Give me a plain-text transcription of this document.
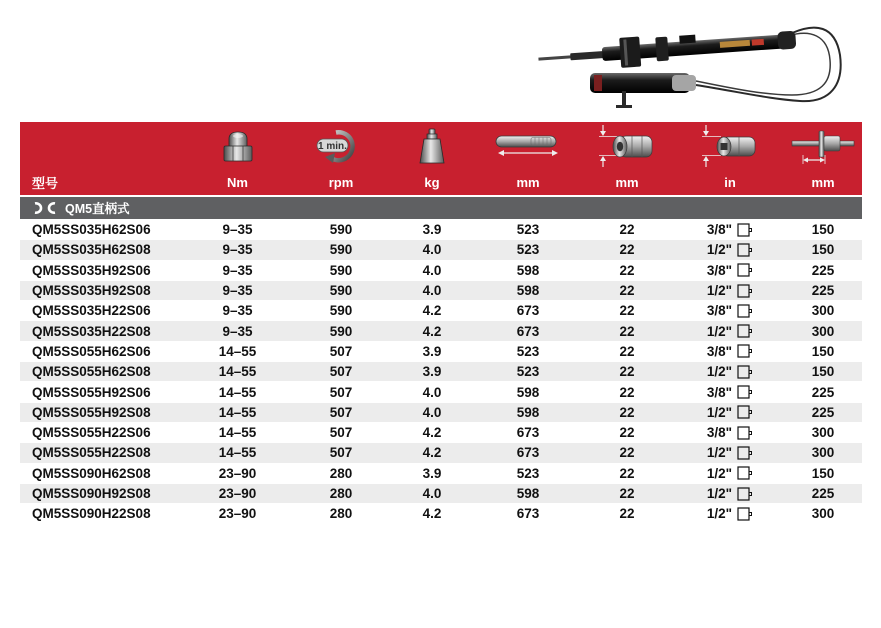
1 min.
型号	Nm	rpm	kg	mm	mm	in	mm
QM5直柄式
QM5SS035H62S06	9–35	590	3.9	523	22	3/8"	150
QM5SS035H62S08	9–35	590	4.0	523	22	1/2"	150
QM5SS035H92S06	9–35	590	4.0	598	22	3/8"	225
QM5SS035H92S08	9–35	590	4.0	598	22	1/2"	225
QM5SS035H22S06	9–35	590	4.2	673	22	3/8"	300
QM5SS035H22S08	9–35	590	4.2	673	22	1/2"	300
QM5SS055H62S06	14–55	507	3.9	523	22	3/8"	150
QM5SS055H62S08	14–55	507	3.9	523	22	1/2"	150
QM5SS055H92S06	14–55	507	4.0	598	22	3/8"	225
QM5SS055H92S08	14–55	507	4.0	598	22	1/2"	225
QM5SS055H22S06	14–55	507	4.2	673	22	3/8"	300
QM5SS055H22S08	14–55	507	4.2	673	22	1/2"	300
QM5SS090H62S08	23–90	280	3.9	523	22	1/2"	150
QM5SS090H92S08	23–90	280	4.0	598	22	1/2"	225
QM5SS090H22S08	23–90	280	4.2	673	22	1/2"	300
